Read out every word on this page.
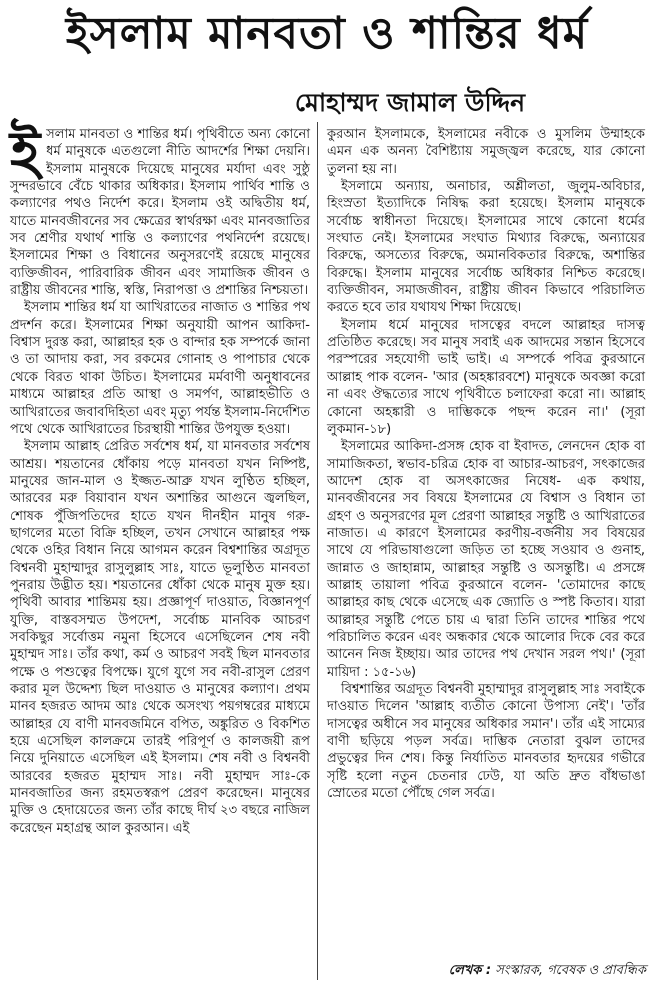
ইসলাম মানবতা ও শান্তির ধর্ম
মোহাম্মদ জামাল উদ্দিন

ইসলাম মানবতা ও শান্তির ধর্ম। পৃথিবীতে অন্য কোনো ধর্ম মানুষকে এতগুলো নীতি আদর্শের শিক্ষা দেয়নি। ইসলাম মানুষকে দিয়েছে মানুষের মর্যাদা এবং সুষ্ঠু সুন্দরভাবে বেঁচে থাকার অধিকার। ইসলাম পার্থিব শান্তি ও কল্যাণের পথও নির্দেশ করে। ইসলাম ওই অদ্বিতীয় ধর্ম, যাতে মানবজীবনের সব ক্ষেত্রের স্বার্থরক্ষা এবং মানবজাতির সব শ্রেণীর যথার্থ শান্তি ও কল্যাণের পথনির্দেশ রয়েছে। ইসলামের শিক্ষা ও বিধানের অনুসরণেই রয়েছে মানুষের ব্যক্তিজীবন, পারিবারিক জীবন এবং সামাজিক জীবন ও রাষ্ট্রীয় জীবনের শান্তি, স্বস্তি, নিরাপত্তা ও প্রশান্তির নিশ্চয়তা।

ইসলাম শান্তির ধর্ম যা আখিরাতের নাজাত ও শান্তির পথ প্রদর্শন করে। ইসলামের শিক্ষা অনুযায়ী আপন আকিদা-বিশ্বাস দুরস্ত করা, আল্লাহর হক ও বান্দার হক সম্পর্কে জানা ও তা আদায় করা, সব রকমের গোনাহ ও পাপাচার থেকে থেকে বিরত থাকা উচিত। ইসলামের মর্মবাণী অনুধাবনের মাধ্যমে আল্লাহর প্রতি আস্থা ও সমর্পণ, আল্লাহভীতি ও আখিরাতের জবাবদিহিতা এবং মৃত্যু পর্যন্ত ইসলাম-নির্দেশিত পথে থেকে আখিরাতের চিরস্থায়ী শান্তির উপযুক্ত হওয়া।

ইসলাম আল্লাহ প্রেরিত সর্বশেষ ধর্ম, যা মানবতার সর্বশেষ আশ্রয়। শয়তানের ধোঁকায় পড়ে মানবতা যখন নিষ্পিষ্ট, মানুষের জান-মাল ও ইজ্জত-আব্রু যখন লুণ্ঠিত হচ্ছিল, আরবের মরু বিয়াবান যখন অশান্তির আগুনে জ্বলছিল, শোষক পুঁজিপতিদের হাতে যখন দীনহীন মানুষ গরু-ছাগলের মতো বিক্রি হচ্ছিল, তখন সেখানে আল্লাহর পক্ষ থেকে ওহির বিধান নিয়ে আগমন করেন বিশ্বশান্তির অগ্রদূত বিশ্বনবী মুহাম্মাদুর রাসুলুল্লাহ সাঃ, যাতে ভূলুণ্ঠিত মানবতা পুনরায় উদ্ভীত হয়। শয়তানের ধোঁকা থেকে মানুষ মুক্ত হয়। পৃথিবী আবার শান্তিময় হয়। প্রজ্ঞাপূর্ণ দাওয়াত, বিজ্ঞানপূর্ণ যুক্তি, বাস্তবসম্মত উপদেশ, সর্বোচ্চ মানবিক আচরণ সবকিছুর সর্বোত্তম নমুনা হিসেবে এসেছিলেন শেষ নবী মুহাম্মদ সাঃ। তাঁর কথা, কর্ম ও আচরণ সবই ছিল মানবতার পক্ষে ও পশুত্বের বিপক্ষে। যুগে যুগে সব নবী-রাসুল প্রেরণ করার মূল উদ্দেশ্য ছিল দাওয়াত ও মানুষের কল্যাণ। প্রথম মানব হজরত আদম আঃ থেকে অসংখ্য পয়গম্বরের মাধ্যমে আল্লাহর যে বাণী মানবজমিনে বপিত, অঙ্কুরিত ও বিকশিত হয়ে এসেছিল কালক্রমে তারই পরিপূর্ণ ও কালজয়ী রূপ নিয়ে দুনিয়াতে এসেছিল এই ইসলাম। শেষ নবী ও বিশ্বনবী আরবের হজরত মুহাম্মদ সাঃ। নবী মুহাম্মদ সাঃ-কে মানবজাতির জন্য রহমতস্বরূপ প্রেরণ করেছেন। মানুষের মুক্তি ও হেদায়েতের জন্য তাঁর কাছে দীর্ঘ ২৩ বছরে নাজিল করেছেন মহাগ্রন্থ আল কুরআন। এই

কুরআন ইসলামকে, ইসলামের নবীকে ও মুসলিম উম্মাহকে এমন এক অনন্য বৈশিষ্ট্যায় সমুজ্জ্বল করেছে, যার কোনো তুলনা হয় না।

ইসলামে অন্যায়, অনাচার, অশ্লীলতা, জুলুম-অবিচার, হিংস্রতা ইত্যাদিকে নিষিদ্ধ করা হয়েছে। ইসলাম মানুষকে সর্বোচ্চ স্বাধীনতা দিয়েছে। ইসলামের সাথে কোনো ধর্মের সংঘাত নেই। ইসলামের সংঘাত মিথ্যার বিরুদ্ধে, অন্যায়ের বিরুদ্ধে, অসত্যের বিরুদ্ধে, অমানবিকতার বিরুদ্ধে, অশান্তির বিরুদ্ধে। ইসলাম মানুষের সর্বোচ্চ অধিকার নিশ্চিত করেছে। ব্যক্তিজীবন, সমাজজীবন, রাষ্ট্রীয় জীবন কিভাবে পরিচালিত করতে হবে তার যথাযথ শিক্ষা দিয়েছে।

ইসলাম ধর্মে মানুষের দাসত্বের বদলে আল্লাহর দাসত্ব প্রতিষ্ঠিত করেছে। সব মানুষ সবাই এক আদমের সন্তান হিসেবে পরস্পরের সহযোগী ভাই ভাই। এ সম্পর্কে পবিত্র কুরআনে আল্লাহ পাক বলেন- 'আর (অহঙ্কারবশে) মানুষকে অবজ্ঞা করো না এবং ঔদ্ধত্যের সাথে পৃথিবীতে চলাফেরা করো না। আল্লাহ কোনো অহঙ্কারী ও দাম্ভিককে পছন্দ করেন না।' (সূরা লুকমান-১৮)

ইসলামের আকিদা-প্রসঙ্গ হোক বা ইবাদত, লেনদেন হোক বা সামাজিকতা, স্বভাব-চরিত্র হোক বা আচার-আচরণ, সৎকাজের আদেশ হোক বা অসৎকাজের নিষেধ- এক কথায়, মানবজীবনের সব বিষয়ে ইসলামের যে বিশ্বাস ও বিধান তা গ্রহণ ও অনুসরণের মূল প্রেরণা আল্লাহর সন্তুষ্টি ও আখিরাতের নাজাত। এ কারণে ইসলামের করণীয়-বর্জনীয় সব বিষয়ের সাথে যে পরিভাষাগুলো জড়িত তা হচ্ছে সওয়াব ও গুনাহ, জান্নাত ও জাহান্নাম, আল্লাহর সন্তুষ্টি ও অসন্তুষ্টি। এ প্রসঙ্গে আল্লাহ তায়ালা পবিত্র কুরআনে বলেন- 'তোমাদের কাছে আল্লাহর কাছ থেকে এসেছে এক জ্যোতি ও স্পষ্ট কিতাব। যারা আল্লাহর সন্তুষ্টি পেতে চায় এ দ্বারা তিনি তাদের শান্তির পথে পরিচালিত করেন এবং অন্ধকার থেকে আলোর দিকে বের করে আনেন নিজ ইচ্ছায়। আর তাদের পথ দেখান সরল পথ।' (সূরা মায়িদা : ১৫-১৬)

বিশ্বশান্তির অগ্রদূত বিশ্বনবী মুহাম্মাদুর রাসুলুল্লাহ সাঃ সবাইকে দাওয়াত দিলেন 'আল্লাহ ব্যতীত কোনো উপাস্য নেই'। 'তাঁর দাসত্বের অধীনে সব মানুষের অধিকার সমান'। তাঁর এই সাম্যের বাণী ছড়িয়ে পড়ল সর্বত্র। দাম্ভিক নেতারা বুঝল তাদের প্রভুত্বের দিন শেষ। কিন্তু নির্যাতিত মানবতার হৃদয়ের গভীরে সৃষ্টি হলো নতুন চেতনার ঢেউ, যা অতি দ্রুত বাঁধভাঙা স্রোতের মতো পৌঁছে গেল সর্বত্র।

লেখক : সংস্কারক, গবেষক ও প্রাবন্ধিক
